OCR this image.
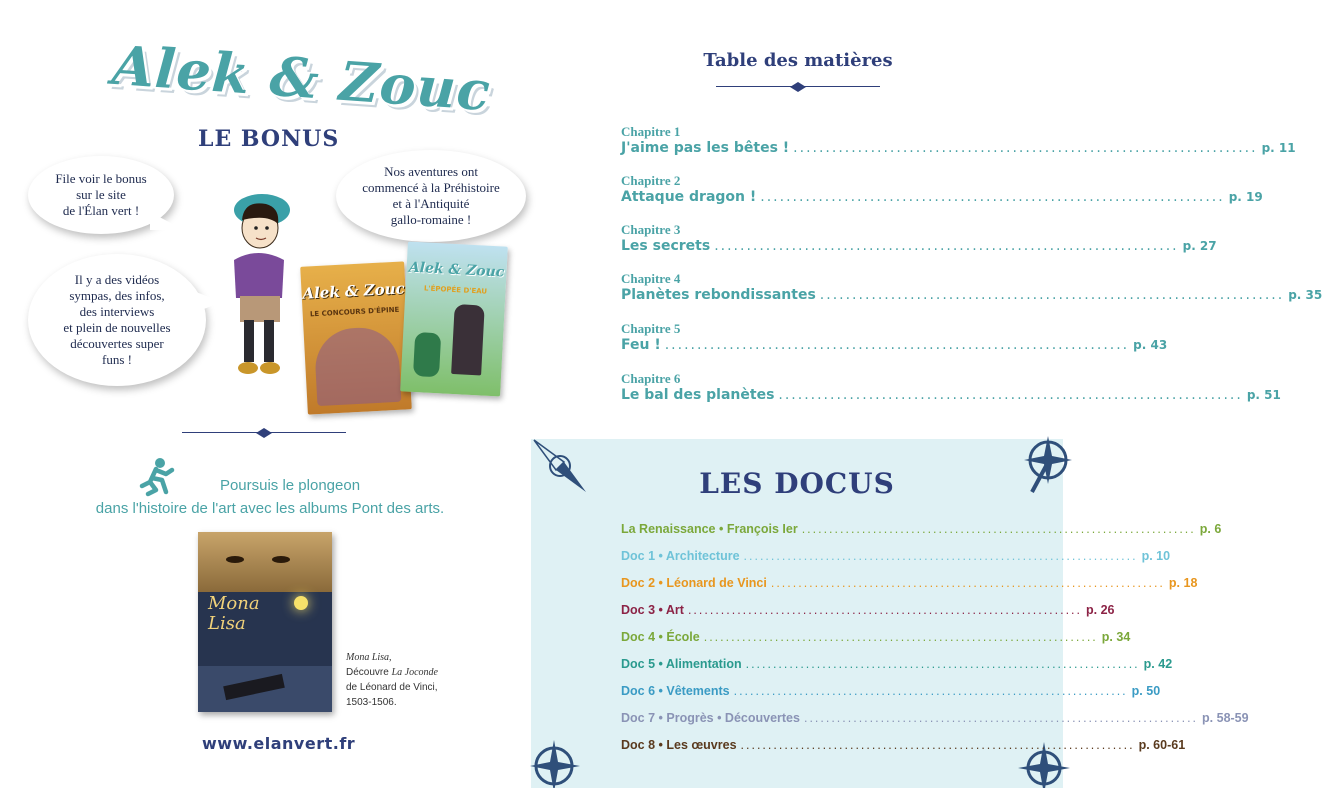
Alek & Zouc
LE BONUS
File voir le bonus
sur le site
de l'Élan vert !
Nos aventures ont
commencé à la Préhistoire
et à l'Antiquité
gallo-romaine !
Il y a des vidéos
sympas, des infos,
des interviews
et plein de nouvelles
découvertes super
funs !
Alek & Zouc
LE CONCOURS D'ÉPINE
Alek & Zouc
L'ÉPOPÉE D'EAU
Poursuis le plongeon
dans l'histoire de l'art avec les albums Pont des arts.
Mona Lisa
Mona Lisa,
Découvre La Joconde
de Léonard de Vinci,
1503-1506.
www.elanvert.fr
Table des matières
Chapitre 1
J'aime pas les bêtes ! ........................................................................ p. 11
Chapitre 2
Attaque dragon ! ........................................................................ p. 19
Chapitre 3
Les secrets ........................................................................ p. 27
Chapitre 4
Planètes rebondissantes ........................................................................ p. 35
Chapitre 5
Feu ! ........................................................................ p. 43
Chapitre 6
Le bal des planètes ........................................................................ p. 51
LES DOCUS
La Renaissance • François Ier ........................................................................ p. 6
Doc 1 • Architecture ........................................................................ p. 10
Doc 2 • Léonard de Vinci ........................................................................ p. 18
Doc 3 • Art ........................................................................ p. 26
Doc 4 • École ........................................................................ p. 34
Doc 5 • Alimentation ........................................................................ p. 42
Doc 6 • Vêtements ........................................................................ p. 50
Doc 7 • Progrès • Découvertes ........................................................................ p. 58-59
Doc 8 • Les œuvres ........................................................................ p. 60-61
